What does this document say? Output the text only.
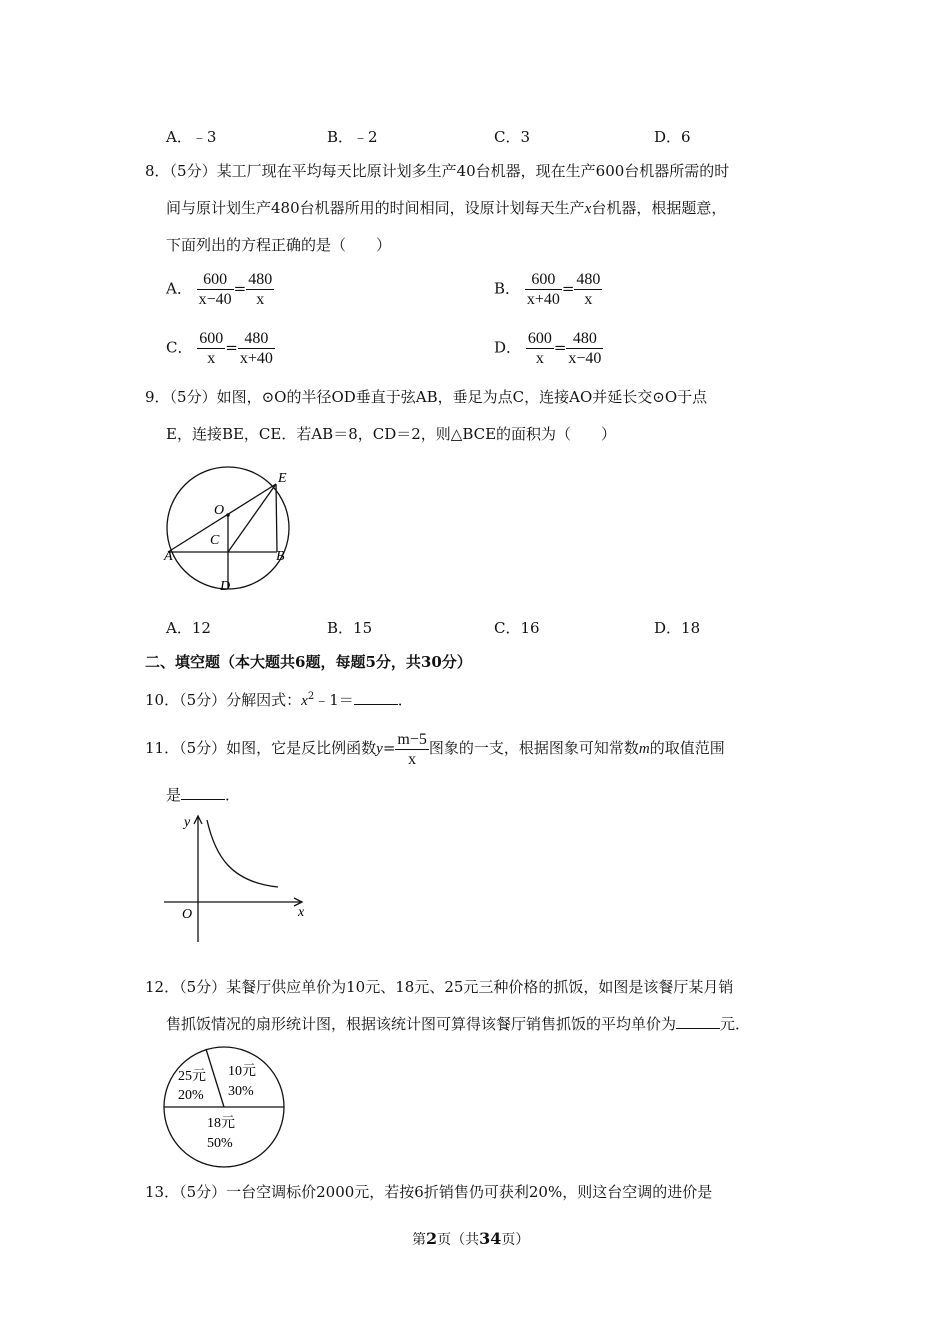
A．﹣3	B．﹣2	C．3	D．6
8．（5分）某工厂现在平均每天比原计划多生产40台机器，现在生产600台机器所需的时
间与原计划生产480台机器所用的时间相同，设原计划每天生产x台机器，根据题意，
下面列出的方程正确的是（　　）
A． $\frac{600}{x-40} = \frac{480}{x}$	B． $\frac{600}{x+40} = \frac{480}{x}$
C． $\frac{600}{x} = \frac{480}{x+40}$	D． $\frac{600}{x} = \frac{480}{x-40}$
9．（5分）如图，⊙O的半径OD垂直于弦AB，垂足为点C，连接AO并延长交⊙O于点
E，连接BE，CE．若AB＝8，CD＝2，则△BCE的面积为（　　）
O
C
A	B
D
E
A．12	B．15	C．16	D．18
二、填空题（本大题共6题，每题5分，共30分）
10．（5分）分解因式：$x^2﹣1=$	．
11．（5分）如图，它是反比例函数$y= \frac{m-5}{x}$ 图象的一支，根据图象可知常数m的取值范围
是	．
y
x
O
12．（5分）某餐厅供应单价为10元、18元、25元三种价格的抓饭，如图是该餐厅某月销
售抓饭情况的扇形统计图，根据该统计图可算得该餐厅销售抓饭的平均单价为	元．
10元
30%
25元
20%
18元
50%
13．（5分）一台空调标价2000元，若按6折销售仍可获利20%，则这台空调的进价是
第2页（共34页）
